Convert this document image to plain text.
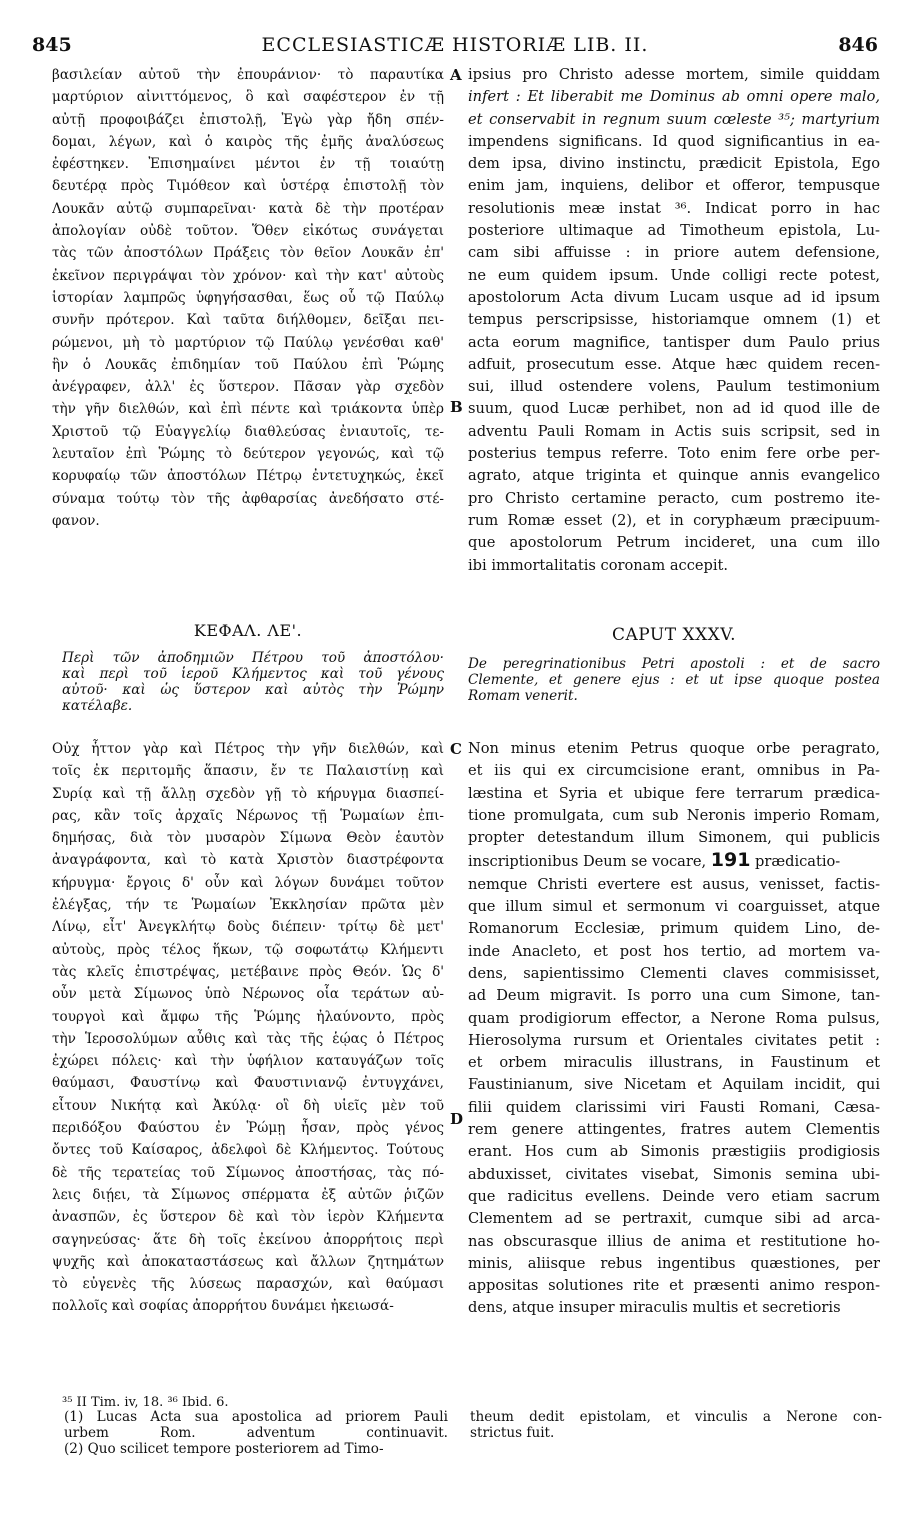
845	ECCLESIASTICÆ HISTORIÆ LIB. II.	846
A
B
C
D
βασιλείαν αὐτοῦ τὴν ἐπουράνιον· τὸ παραυτίκα
μαρτύριον αἰνιττόμενος, ὃ καὶ σαφέστερον ἐν τῇ
αὐτῇ προφοιβάζει ἐπιστολῇ, Ἐγὼ γὰρ ἤδη σπέν-
δομαι, λέγων, καὶ ὁ καιρὸς τῆς ἐμῆς ἀναλύσεως
ἐφέστηκεν. Ἐπισημαίνει μέντοι ἐν τῇ τοιαύτῃ
δευτέρᾳ πρὸς Τιμόθεον καὶ ὑστέρᾳ ἐπιστολῇ τὸν
Λουκᾶν αὐτῷ συμπαρεῖναι· κατὰ δὲ τὴν προτέραν
ἀπολογίαν οὐδὲ τοῦτον. Ὅθεν εἰκότως συνάγεται
τὰς τῶν ἀποστόλων Πράξεις τὸν θεῖον Λουκᾶν ἐπ'
ἐκεῖνον περιγράψαι τὸν χρόνον· καὶ τὴν κατ' αὐτοὺς
ἱστορίαν λαμπρῶς ὑφηγήσασθαι, ἕως οὗ τῷ Παύλῳ
συνῆν πρότερον. Καὶ ταῦτα διήλθομεν, δεῖξαι πει-
ρώμενοι, μὴ τὸ μαρτύριον τῷ Παύλῳ γενέσθαι καθ'
ἣν ὁ Λουκᾶς ἐπιδημίαν τοῦ Παύλου ἐπὶ Ῥώμης
ἀνέγραφεν, ἀλλ' ἐς ὕστερον. Πᾶσαν γὰρ σχεδὸν
τὴν γῆν διελθών, καὶ ἐπὶ πέντε καὶ τριάκοντα ὑπὲρ
Χριστοῦ τῷ Εὐαγγελίῳ διαθλεύσας ἐνιαυτοῖς, τε-
λευταῖον ἐπὶ Ῥώμης τὸ δεύτερον γεγονώς, καὶ τῷ
κορυφαίῳ τῶν ἀποστόλων Πέτρῳ ἐντετυχηκώς, ἐκεῖ
σύναμα τούτῳ τὸν τῆς ἀφθαρσίας ἀνεδήσατο στέ-
φανον.
ΚΕΦΑΛ. ΛΕ'.
Περὶ τῶν ἀποδημιῶν Πέτρου τοῦ ἀποστόλου·
καὶ περὶ τοῦ ἱεροῦ Κλήμεντος καὶ τοῦ γένους
αὐτοῦ· καὶ ὡς ὕστερον καὶ αὐτὸς τὴν Ῥώμην
κατέλαβε.
Οὐχ ἧττον γὰρ καὶ Πέτρος τὴν γῆν διελθών, καὶ
τοῖς ἐκ περιτομῆς ἅπασιν, ἔν τε Παλαιστίνῃ καὶ
Συρίᾳ καὶ τῇ ἄλλῃ σχεδὸν γῇ τὸ κήρυγμα διασπεί-
ρας, κἂν τοῖς ἀρχαῖς Νέρωνος τῇ Ῥωμαίων ἐπι-
δημήσας, διὰ τὸν μυσαρὸν Σίμωνα Θεὸν ἑαυτὸν
ἀναγράφοντα, καὶ τὸ κατὰ Χριστὸν διαστρέφοντα
κήρυγμα· ἔργοις δ' οὖν καὶ λόγων δυνάμει τοῦτον
ἐλέγξας, τήν τε Ῥωμαίων Ἐκκλησίαν πρῶτα μὲν
Λίνῳ, εἶτ' Ἀνεγκλήτῳ δοὺς διέπειν· τρίτῳ δὲ μετ'
αὐτοὺς, πρὸς τέλος ἥκων, τῷ σοφωτάτῳ Κλήμεντι
τὰς κλεῖς ἐπιστρέψας, μετέβαινε πρὸς Θεόν. Ὡς δ'
οὖν μετὰ Σίμωνος ὑπὸ Νέρωνος οἷα τεράτων αὐ-
τουργοὶ καὶ ἄμφω τῆς Ῥώμης ἠλαύνοντο, πρὸς
τὴν Ἱεροσολύμων αὖθις καὶ τὰς τῆς ἑῴας ὁ Πέτρος
ἐχώρει πόλεις· καὶ τὴν ὑφήλιον καταυγάζων τοῖς
θαύμασι, Φαυστίνῳ καὶ Φαυστινιανῷ ἐντυγχάνει,
εἶτουν Νικήτᾳ καὶ Ἀκύλᾳ· οἳ δὴ υἱεῖς μὲν τοῦ
περιδόξου Φαύστου ἐν Ῥώμῃ ἦσαν, πρὸς γένος
ὄντες τοῦ Καίσαρος, ἀδελφοὶ δὲ Κλήμεντος. Τούτους
δὲ τῆς τερατείας τοῦ Σίμωνος ἀποστήσας, τὰς πό-
λεις διῄει, τὰ Σίμωνος σπέρματα ἐξ αὐτῶν ῥιζῶν
ἀνασπῶν, ἐς ὕστερον δὲ καὶ τὸν ἱερὸν Κλήμεντα
σαγηνεύσας· ἅτε δὴ τοῖς ἐκείνου ἀπορρήτοις περὶ
ψυχῆς καὶ ἀποκαταστάσεως καὶ ἄλλων ζητημάτων
τὸ εὐγενὲς τῆς λύσεως παρασχών, καὶ θαύμασι
πολλοῖς καὶ σοφίας ἀπορρήτου δυνάμει ἠκειωσά-
³⁵ II Tim. iv, 18. ³⁶ Ibid. 6.
ipsius pro Christo adesse mortem, simile quiddam
infert : Et liberabit me Dominus ab omni opere malo,
et conservabit in regnum suum cœleste ³⁵; martyrium
impendens significans. Id quod significantius in ea-
dem ipsa, divino instinctu, prædicit Epistola, Ego
enim jam, inquiens, delibor et offeror, tempusque
resolutionis meæ instat ³⁶. Indicat porro in hac
posteriore ultimaque ad Timotheum epistola, Lu-
cam sibi affuisse : in priore autem defensione,
ne eum quidem ipsum. Unde colligi recte potest,
apostolorum Acta divum Lucam usque ad id ipsum
tempus perscripsisse, historiamque omnem (1) et
acta eorum magnifice, tantisper dum Paulo prius
adfuit, prosecutum esse. Atque hæc quidem recen-
sui, illud ostendere volens, Paulum testimonium
suum, quod Lucæ perhibet, non ad id quod ille de
adventu Pauli Romam in Actis suis scripsit, sed in
posterius tempus referre. Toto enim fere orbe per-
agrato, atque triginta et quinque annis evangelico
pro Christo certamine peracto, cum postremo ite-
rum Romæ esset (2), et in coryphæum præcipuum-
que apostolorum Petrum incideret, una cum illo
ibi immortalitatis coronam accepit.
CAPUT XXXV.
De peregrinationibus Petri apostoli : et de sacro
Clemente, et genere ejus : et ut ipse quoque postea
Romam venerit.
Non minus etenim Petrus quoque orbe peragrato,
et iis qui ex circumcisione erant, omnibus in Pa-
læstina et Syria et ubique fere terrarum prædica-
tione promulgata, cum sub Neronis imperio Romam,
propter detestandum illum Simonem, qui publicis
inscriptionibus Deum se vocare, 191 prædicatio-
nemque Christi evertere est ausus, venisset, factis-
que illum simul et sermonum vi coarguisset, atque
Romanorum Ecclesiæ, primum quidem Lino, de-
inde Anacleto, et post hos tertio, ad mortem va-
dens, sapientissimo Clementi claves commisisset,
ad Deum migravit. Is porro una cum Simone, tan-
quam prodigiorum effector, a Nerone Roma pulsus,
Hierosolyma rursum et Orientales civitates petit :
et orbem miraculis illustrans, in Faustinum et
Faustinianum, sive Nicetam et Aquilam incidit, qui
filii quidem clarissimi viri Fausti Romani, Cæsa-
rem genere attingentes, fratres autem Clementis
erant. Hos cum ab Simonis præstigiis prodigiosis
abduxisset, civitates visebat, Simonis semina ubi-
que radicitus evellens. Deinde vero etiam sacrum
Clementem ad se pertraxit, cumque sibi ad arca-
nas obscurasque illius de anima et restitutione ho-
minis, aliisque rebus ingentibus quæstiones, per
appositas solutiones rite et præsenti animo respon-
dens, atque insuper miraculis multis et secretioris
(1) Lucas Acta sua apostolica ad priorem Pauli
urbem Rom. adventum continuavit.
(2) Quo scilicet tempore posteriorem ad Timo-
theum dedit epistolam, et vinculis a Nerone con-
strictus fuit.
